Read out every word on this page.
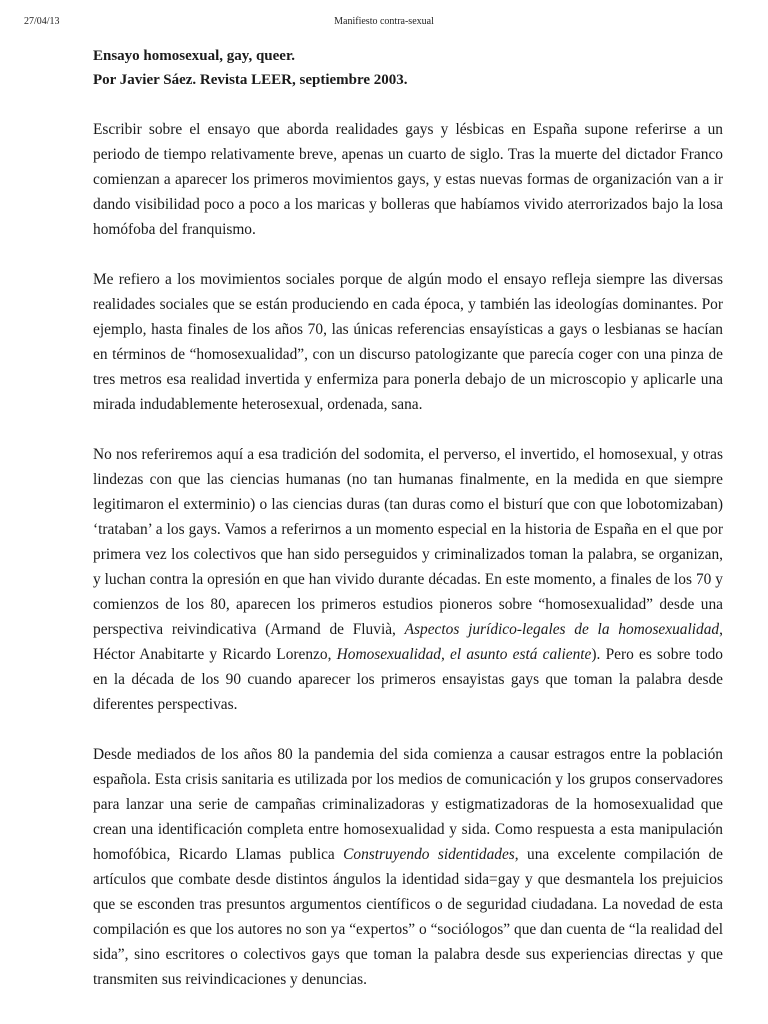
27/04/13	Manifiesto contra-sexual
Ensayo homosexual, gay, queer.
Por Javier Sáez. Revista LEER, septiembre 2003.

Escribir sobre el ensayo que aborda realidades gays y lésbicas en España supone referirse a un periodo de tiempo relativamente breve, apenas un cuarto de siglo. Tras la muerte del dictador Franco comienzan a aparecer los primeros movimientos gays, y estas nuevas formas de organización van a ir dando visibilidad poco a poco a los maricas y bolleras que habíamos vivido aterrorizados bajo la losa homófoba del franquismo.

Me refiero a los movimientos sociales porque de algún modo el ensayo refleja siempre las diversas realidades sociales que se están produciendo en cada época, y también las ideologías dominantes. Por ejemplo, hasta finales de los años 70, las únicas referencias ensayísticas a gays o lesbianas se hacían en términos de “homosexualidad”, con un discurso patologizante que parecía coger con una pinza de tres metros esa realidad invertida y enfermiza para ponerla debajo de un microscopio y aplicarle una mirada indudablemente heterosexual, ordenada, sana.

No nos referiremos aquí a esa tradición del sodomita, el perverso, el invertido, el homosexual, y otras lindezas con que las ciencias humanas (no tan humanas finalmente, en la medida en que siempre legitimaron el exterminio) o las ciencias duras (tan duras como el bisturí que con que lobotomizaban) ‘trataban’ a los gays. Vamos a referirnos a un momento especial en la historia de España en el que por primera vez los colectivos que han sido perseguidos y criminalizados toman la palabra, se organizan, y luchan contra la opresión en que han vivido durante décadas. En este momento, a finales de los 70 y comienzos de los 80, aparecen los primeros estudios pioneros sobre “homosexualidad” desde una perspectiva reivindicativa (Armand de Fluvià, Aspectos jurídico-legales de la homosexualidad, Héctor Anabitarte y Ricardo Lorenzo, Homosexualidad, el asunto está caliente). Pero es sobre todo en la década de los 90 cuando aparecer los primeros ensayistas gays que toman la palabra desde diferentes perspectivas.

Desde mediados de los años 80 la pandemia del sida comienza a causar estragos entre la población española. Esta crisis sanitaria es utilizada por los medios de comunicación y los grupos conservadores para lanzar una serie de campañas criminalizadoras y estigmatizadoras de la homosexualidad que crean una identificación completa entre homosexualidad y sida. Como respuesta a esta manipulación homofóbica, Ricardo Llamas publica Construyendo sidentidades, una excelente compilación de artículos que combate desde distintos ángulos la identidad sida=gay y que desmantela los prejuicios que se esconden tras presuntos argumentos científicos o de seguridad ciudadana. La novedad de esta compilación es que los autores no son ya “expertos” o “sociólogos” que dan cuenta de “la realidad del sida”, sino escritores o colectivos gays que toman la palabra desde sus experiencias directas y que transmiten sus reivindicaciones y denuncias.
